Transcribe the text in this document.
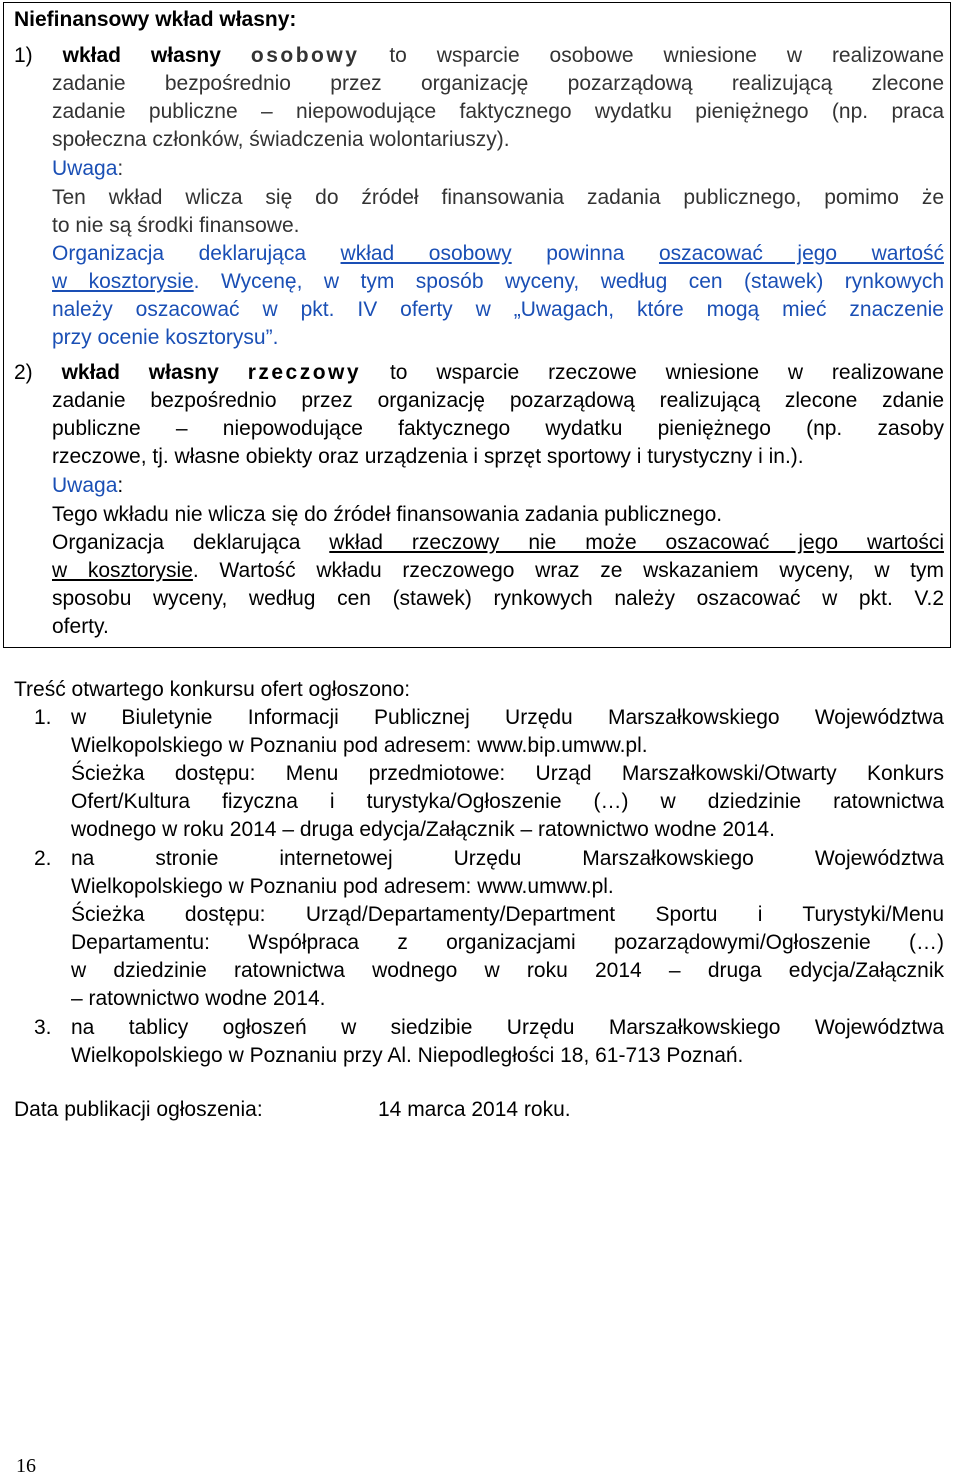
Niefinansowy wkład własny:
1) wkład własny osobowy to wsparcie osobowe wniesione w realizowane
zadanie bezpośrednio przez organizację pozarządową realizującą zlecone
zadanie publiczne – niepowodujące faktycznego wydatku pieniężnego (np. praca
społeczna członków, świadczenia wolontariuszy).
Uwaga:
Ten wkład wlicza się do źródeł finansowania zadania publicznego, pomimo że
to nie są środki finansowe.
Organizacja deklarująca wkład osobowy powinna oszacować jego wartość
w kosztorysie. Wycenę, w tym sposób wyceny, według cen (stawek) rynkowych
należy oszacować w pkt. IV oferty w „Uwagach, które mogą mieć znaczenie
przy ocenie kosztorysu”.
2) wkład własny rzeczowy to wsparcie rzeczowe wniesione w realizowane
zadanie bezpośrednio przez organizację pozarządową realizującą zlecone zdanie
publiczne – niepowodujące faktycznego wydatku pieniężnego (np. zasoby
rzeczowe, tj. własne obiekty oraz urządzenia i sprzęt sportowy i turystyczny i in.).
Uwaga:
Tego wkładu nie wlicza się do źródeł finansowania zadania publicznego.
Organizacja deklarująca wkład rzeczowy nie może oszacować jego wartości
w kosztorysie. Wartość wkładu rzeczowego wraz ze wskazaniem wyceny, w tym
sposobu wyceny, według cen (stawek) rynkowych należy oszacować w pkt. V.2
oferty.
Treść otwartego konkursu ofert ogłoszono:
1. w Biuletynie Informacji Publicznej Urzędu Marszałkowskiego Województwa
Wielkopolskiego w Poznaniu pod adresem: www.bip.umww.pl.
Ścieżka dostępu: Menu przedmiotowe: Urząd Marszałkowski/Otwarty Konkurs
Ofert/Kultura fizyczna i turystyka/Ogłoszenie (…) w dziedzinie ratownictwa
wodnego w roku 2014 – druga edycja/Załącznik – ratownictwo wodne 2014.
2. na stronie internetowej Urzędu Marszałkowskiego Województwa
Wielkopolskiego w Poznaniu pod adresem: www.umww.pl.
Ścieżka dostępu: Urząd/Departamenty/Department Sportu i Turystyki/Menu
Departamentu: Współpraca z organizacjami pozarządowymi/Ogłoszenie (…)
w dziedzinie ratownictwa wodnego w roku 2014 – druga edycja/Załącznik
– ratownictwo wodne 2014.
3. na tablicy ogłoszeń w siedzibie Urzędu Marszałkowskiego Województwa
Wielkopolskiego w Poznaniu przy Al. Niepodległości 18, 61-713 Poznań.
Data publikacji ogłoszenia:	14 marca 2014 roku.
16
